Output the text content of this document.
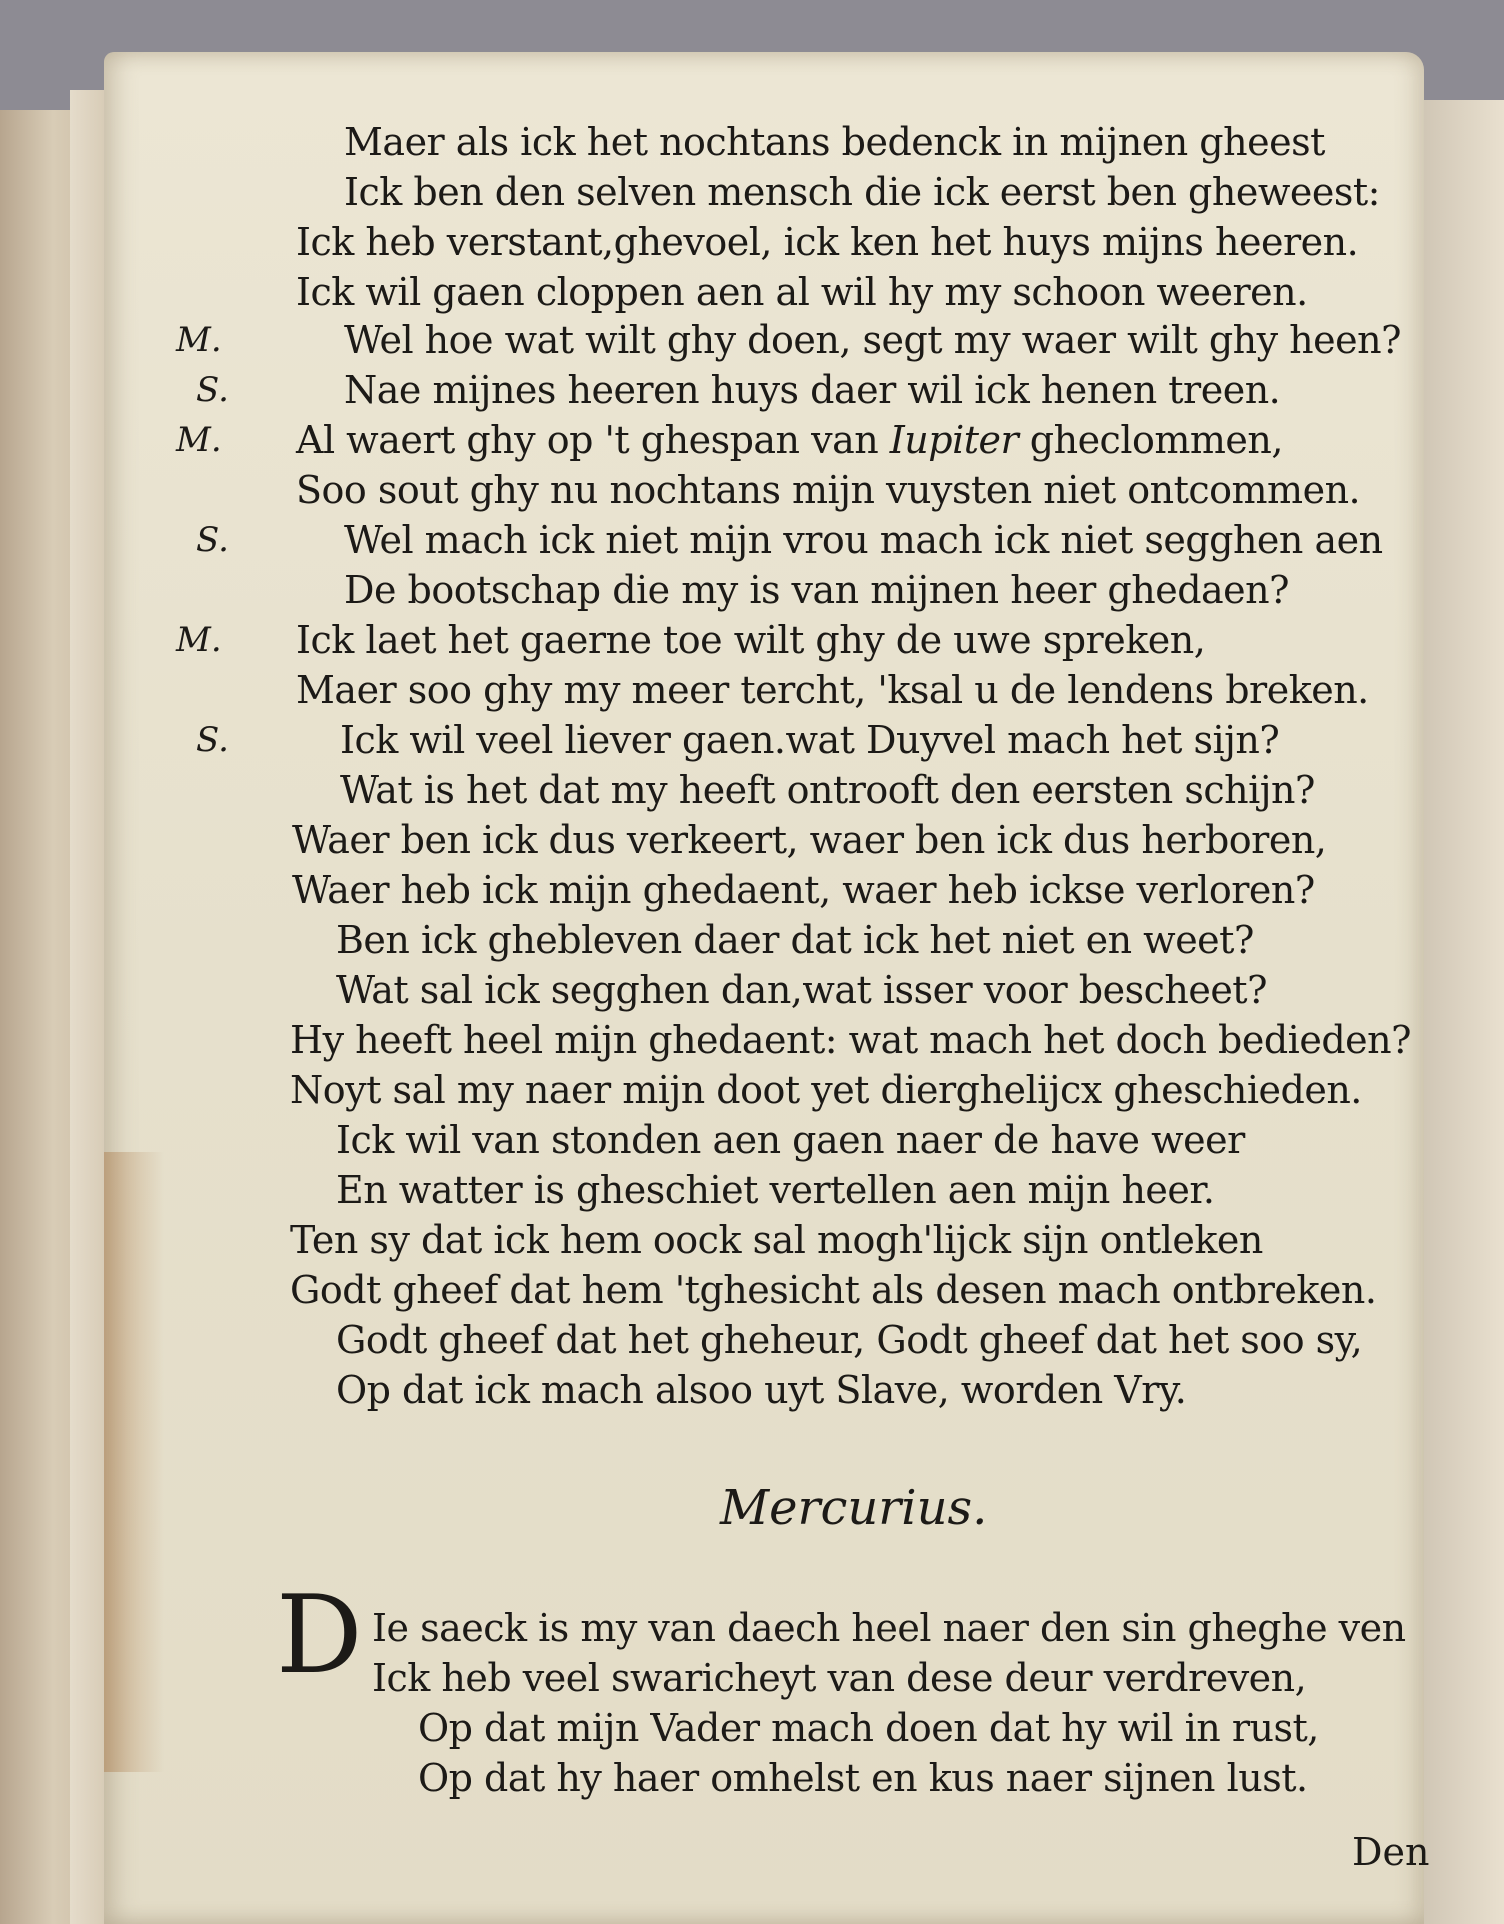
M.
S.
M.
S.
M.
S.
Maer als ick het nochtans bedenck in mijnen gheest
Ick ben den selven mensch die ick eerst ben gheweest:
Ick heb verstant,ghevoel, ick ken het huys mijns heeren.
Ick wil gaen cloppen aen al wil hy my schoon weeren.
Wel hoe wat wilt ghy doen, segt my waer wilt ghy heen?
Nae mijnes heeren huys daer wil ick henen treen.
Al waert ghy op 't ghespan van Iupiter gheclommen,
Soo sout ghy nu nochtans mijn vuysten niet ontcommen.
Wel mach ick niet mijn vrou mach ick niet segghen aen
De bootschap die my is van mijnen heer ghedaen?
Ick laet het gaerne toe wilt ghy de uwe spreken,
Maer soo ghy my meer tercht, 'ksal u de lendens breken.
Ick wil veel liever gaen.wat Duyvel mach het sijn?
Wat is het dat my heeft ontrooft den eersten schijn?
Waer ben ick dus verkeert, waer ben ick dus herboren,
Waer heb ick mijn ghedaent, waer heb ickse verloren?
Ben ick ghebleven daer dat ick het niet en weet?
Wat sal ick segghen dan,wat isser voor bescheet?
Hy heeft heel mijn ghedaent: wat mach het doch bedieden?
Noyt sal my naer mijn doot yet dierghelijcx gheschieden.
Ick wil van stonden aen gaen naer de have weer
En watter is gheschiet vertellen aen mijn heer.
Ten sy dat ick hem oock sal mogh'lijck sijn ontleken
Godt gheef dat hem 'tghesicht als desen mach ontbreken.
Godt gheef dat het gheheur, Godt gheef dat het soo sy,
Op dat ick mach alsoo uyt Slave, worden Vry.
Mercurius.
D Ie saeck is my van daech heel naer den sin gheghe ven
Ick heb veel swaricheyt van dese deur verdreven,
Op dat mijn Vader mach doen dat hy wil in rust,
Op dat hy haer omhelst en kus naer sijnen lust.
Den
